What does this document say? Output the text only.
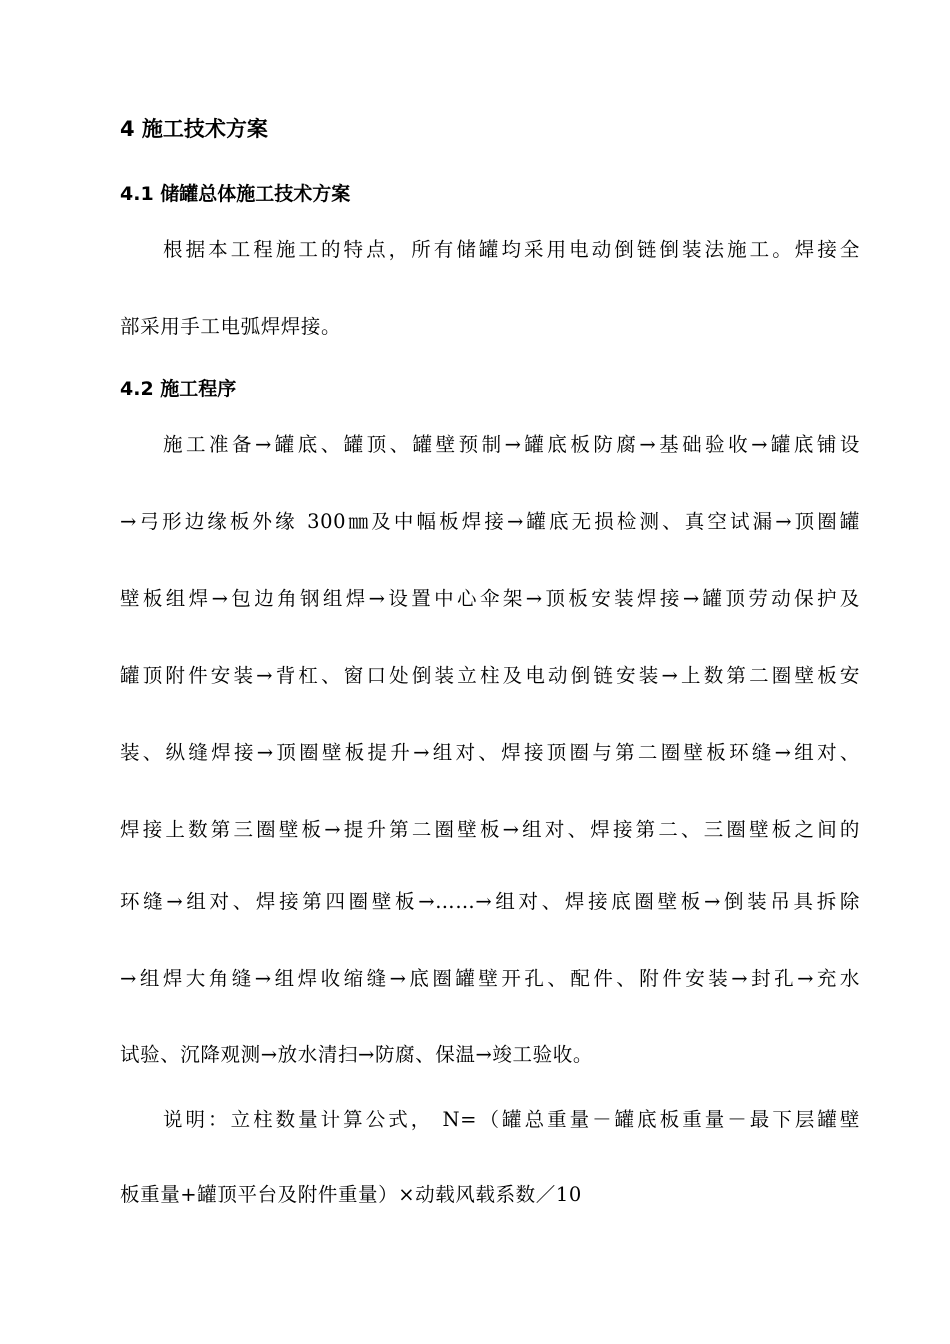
4 施工技术方案
4.1 储罐总体施工技术方案

根据本工程施工的特点，所有储罐均采用电动倒链倒装法施工。焊接全

部采用手工电弧焊焊接。

4.2 施工程序

施工准备→罐底、罐顶、罐壁预制→罐底板防腐→基础验收→罐底铺设

→弓形边缘板外缘 300㎜及中幅板焊接→罐底无损检测、真空试漏→顶圈罐

壁板组焊→包边角钢组焊→设置中心伞架→顶板安装焊接→罐顶劳动保护及

罐顶附件安装→背杠、窗口处倒装立柱及电动倒链安装→上数第二圈壁板安

装、纵缝焊接→顶圈壁板提升→组对、焊接顶圈与第二圈壁板环缝→组对、

焊接上数第三圈壁板→提升第二圈壁板→组对、焊接第二、三圈壁板之间的

环缝→组对、焊接第四圈壁板→……→组对、焊接底圈壁板→倒装吊具拆除

→组焊大角缝→组焊收缩缝→底圈罐壁开孔、配件、附件安装→封孔→充水

试验、沉降观测→放水清扫→防腐、保温→竣工验收。

说明：立柱数量计算公式， N=（罐总重量－罐底板重量－最下层罐壁

板重量+罐顶平台及附件重量）×动载风载系数／10
